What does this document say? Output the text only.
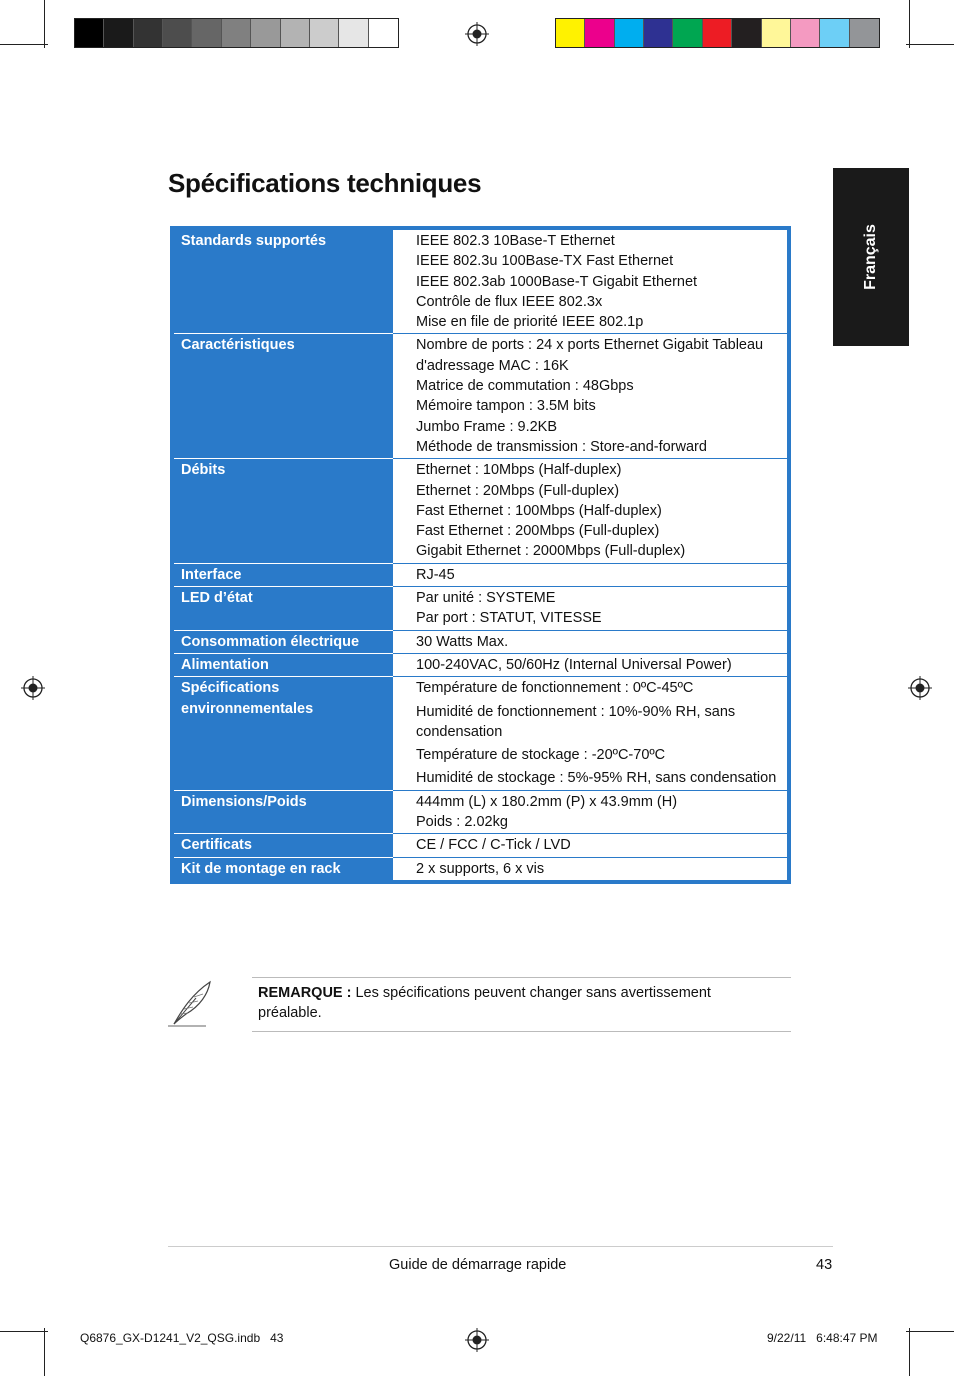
Spécifications techniques
Français
Standards supportés	IEEE 802.3 10Base-T Ethernet
IEEE 802.3u 100Base-TX Fast Ethernet
IEEE 802.3ab 1000Base-T Gigabit Ethernet
Contrôle de flux IEEE 802.3x
Mise en file de priorité IEEE 802.1p

Caractéristiques	Nombre de ports : 24 x ports Ethernet Gigabit Tableau d'adressage MAC : 16K
Matrice de commutation : 48Gbps
Mémoire tampon : 3.5M bits
Jumbo Frame : 9.2KB
Méthode de transmission : Store-and-forward

Débits	Ethernet : 10Mbps (Half-duplex)
Ethernet : 20Mbps (Full-duplex)
Fast Ethernet : 100Mbps (Half-duplex)
Fast Ethernet : 200Mbps (Full-duplex)
Gigabit Ethernet : 2000Mbps (Full-duplex)

Interface	RJ-45

LED d’état	Par unité : SYSTEME
Par port : STATUT, VITESSE

Consommation électrique	30 Watts Max.

Alimentation	100-240VAC, 50/60Hz (Internal Universal Power)

Spécifications environnementales	Température de fonctionnement : 0ºC-45ºC
Humidité de fonctionnement : 10%-90% RH, sans condensation
Température de stockage : -20ºC-70ºC
Humidité de stockage : 5%-95% RH, sans condensation

Dimensions/Poids	444mm (L) x 180.2mm (P) x 43.9mm (H)
Poids : 2.02kg

Certificats	CE / FCC / C-Tick / LVD

Kit de montage en rack	2 x supports, 6 x vis
REMARQUE : Les spécifications peuvent changer sans avertissement préalable.
Guide de démarrage rapide	43
Q6876_GX-D1241_V2_QSG.indb   43	9/22/11   6:48:47 PM
